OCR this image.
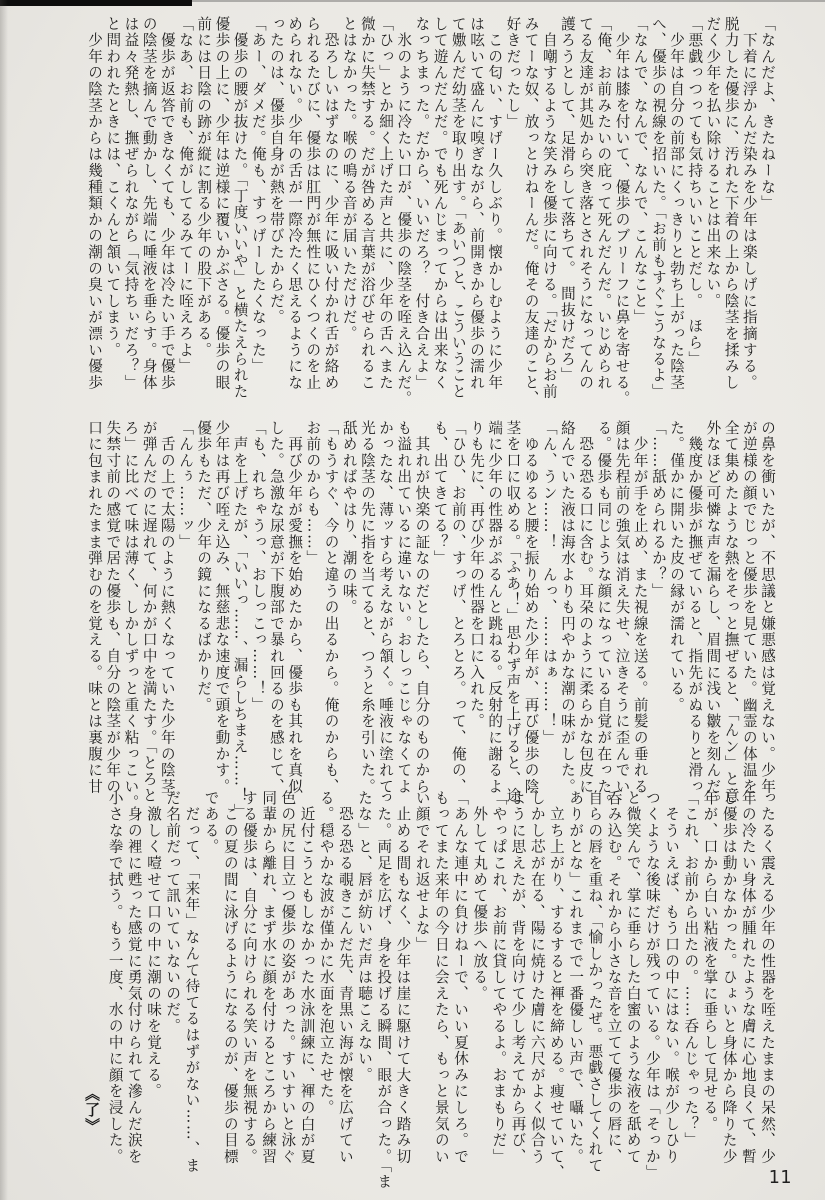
「なんだよ、きたねーな」
　下着に浮かんだ染みを少年は楽しげに指摘する。
脱力した優歩に、汚れた下着の上から陰茎を揉みし
だく少年を払い除けることは出来ない。
「悪戯っつっても気持ちいいことだし。　ほら」
　少年は自分の前部にくっきりと勃ち上がった陰茎
へ、優歩の視線を招いた。「お前もすぐこうなるよ」
「なんで、なんで、なんで、こんなこと」
　少年は膝を付いて、優歩のブリーフに鼻を寄せる。
「俺、お前みたいの庇って死んだんだ。いじめられ
てる友達が其処から突き落とされそうになってんの
護ろうとして、足滑らして落ちて。　間抜けだろ」
　自嘲するような笑みを優歩に向ける。「だからお前
みてーな奴、放っとけねーんだ。俺その友達のこと、
好きだったし」
　この匂い、すげー久しぶり。懐かしむように少年
は呟いて盛んに嗅ぎながら、前開きから優歩の濡れ
て嫐んだ幼茎を取り出す。「あいつと、こういうこと
して遊んだんだ。でも死んじまってからは出来なく
なっちまった。だから、いいだろ？　付き合えよ」
　氷のように冷たい口が、優歩の陰茎を咥え込んだ。
「ひっ」とか細く上げた声と共に、少年の舌へまた
微かに失禁する。だが咎める言葉が浴びせられるこ
とはなかった。喉の鳴る音が届いただけだ。
　恐ろしいはずなのに、少年に吸い付かれ舌が絡め
られるたびに、優歩は肛門が無性にひくつくのを止
められない。少年の舌が一際冷たく思えるようにな
ったのは、優歩自身が熱を帯びたからだ。
「あー、ダメだ。俺も、すっげーしたくなった」
　優歩の腰が抜けた。「丁度いいや」と横たえられた
優歩の上に、少年は逆様に覆いかぶさる。優歩の眼
前には日陰の跡が縦に割る少年の股下がある。
「なあ、お前も、俺がしてるみてーに咥えろよ」
　優歩が返答できなくても、少年は冷たい手で優歩
の陰茎を摘んで動かし、先端に唾液を垂らす。身体
は益々発熱し、撫ぜられながら「気持ちぃだろ？」
と問われたときには、こくんと頷いてしまう。
　少年の陰茎からは幾種類かの潮の臭いが漂い優歩
の鼻を衝いたが、不思議と嫌悪感は覚えない。少年
が逆様の顔でじっと優歩を見ていた。幽霊の体温を
全て集めたような熱をそっと撫ぜると、「んン」と意
外なほど可憐な声を漏らし、眉間に浅い皺を刻んだ。
　幾度か優歩が撫ぜていると、指先がぬるりと滑っ
た。僅かに開いた皮の縁が濡れている。
「……舐められるか？」
　少年が手を止め、また視線を送る。前髪の垂れる
顔は先程前の強気は消え失せ、泣きそうに歪んでい
る。優歩も同じような顔になっている自覚が在った。
　恐る恐る口に含む。耳朶のように柔らかな包皮に
絡んでいた液は海水よりも円やかな潮の味がした。
「ん、うン……！　んっ、……はぁ……！」
　ゆるゆると腰を振り始めた少年が、再び優歩の陰
茎を口に収める。「ふあ！」思わず声を上げると、途
端に少年の性器がぷるんと跳ねる。反射的に謝るよ
りも先に、再び少年の性器を口に入れた。
「ひひ、お前の、すっげ、とろとろ。って、俺の、
も、出てきてる？」
　其れが快楽の証なのだとしたら、自分のものから
も溢れ出ているに違いない。おしっこじゃなくてよ
かったな、薄ッすら考えながら頷く。唾液に塗れて
光る陰茎の先に指を当てると、つうと糸を引いた。
舐めればやはり、潮の味。
「もうすぐ、今のと違うの出るから。俺のからも、
お前のからも……」
　再び少年が愛撫を始めたから、優歩も其れを真似
した。急激な尿意が下腹部で暴れ回るのを感じて、
「も、れちゃうっ、おしっこっ……！」
　声を上げたが、「いいっ……、漏らしちまえ……！」
少年は再び咥え込み、無慈悲な速度で頭を動かす。
優歩もただ、少年の鏡になるばかりだ。
「んんぅ……ッ」
　舌の上で太陽のように熱くなっていた少年の陰茎
が弾んだのに遅れて、何かが口中を満たす。「とろと
ろ」に比べて味は薄く、しかしずっと重く粘っこい。
失禁寸前の感覚で居た優歩も、自分の陰茎が少年の
口に包まれたまま弾むのを覚える。味とは裏腹に甘
ったるく震える少年の性器を咥えたままの呆然、少
年の冷たい身体が腫れたような膚に心地良くて、暫
し優歩は動かなかった。ひょいと身体から降りた少
年が、口から白い粘液を掌に垂らして見せる。
「これ、お前から出たの。……呑んじゃった？」
　そういえば、もう口の中にはない。喉が少しひり
つくような後味だけが残っている。少年は「そっか」
と微笑んで、掌に垂らした白蜜のような液を舐めて
呑み込む。それから小さな音を立てて優歩の唇に、
自らの唇を重ね、「愉しかったぜ。悪戯さしてくれて
ありがとな」これまでで一番優しい声で、囁いた。
　立ち上がり、するすると褌を締める。痩せていて、
しかし芯が在る、陽に焼けた膚に六尺がよく似合う
ように思えたが、背を向けて少し考えてから再び、
「やっぱこれ、お前に貸してやるよ。おまもりだ」
　外して丸めて優歩へ放る。
「あんな連中に負けねーで、いい夏休みにしろ。で
もってまた来年の今日に会えたら、もっと景気のい
い顔でそれ返せよな」
　止める間もなく、少年は崖に駆けて大きく踏み切
った。両足を広げ、身を投げる瞬間、眼が合った。「ま
たな」と、唇が紡いだ声は聴こえない。
　恐る恐る覗きこんだ先、青黒い海が懐を広げてい
る。穏やかな波が僅かに水面を泡立たせた。
　近付こうともしなかった水泳訓練に、褌の白が夏
色の尻に目立つ優歩の姿があった。すいすいと泳ぐ
同輩から離れ、まず水に顔を付けるところから練習
する優歩は、自分に向けられる笑い声を無視する。
　この夏の間に泳げるようになるのが、優歩の目標
である。
　だって、「来年」なんて待てるはずがない……、ま
だ名前だって訊いていないのだ。
　激しく噎せて口の中に潮の味を覚える。
　身の裡に甦った感覚に勇気付けられて滲んだ涙を
小さな拳で拭う。もう一度、水の中に顔を浸した。
《了》
11
